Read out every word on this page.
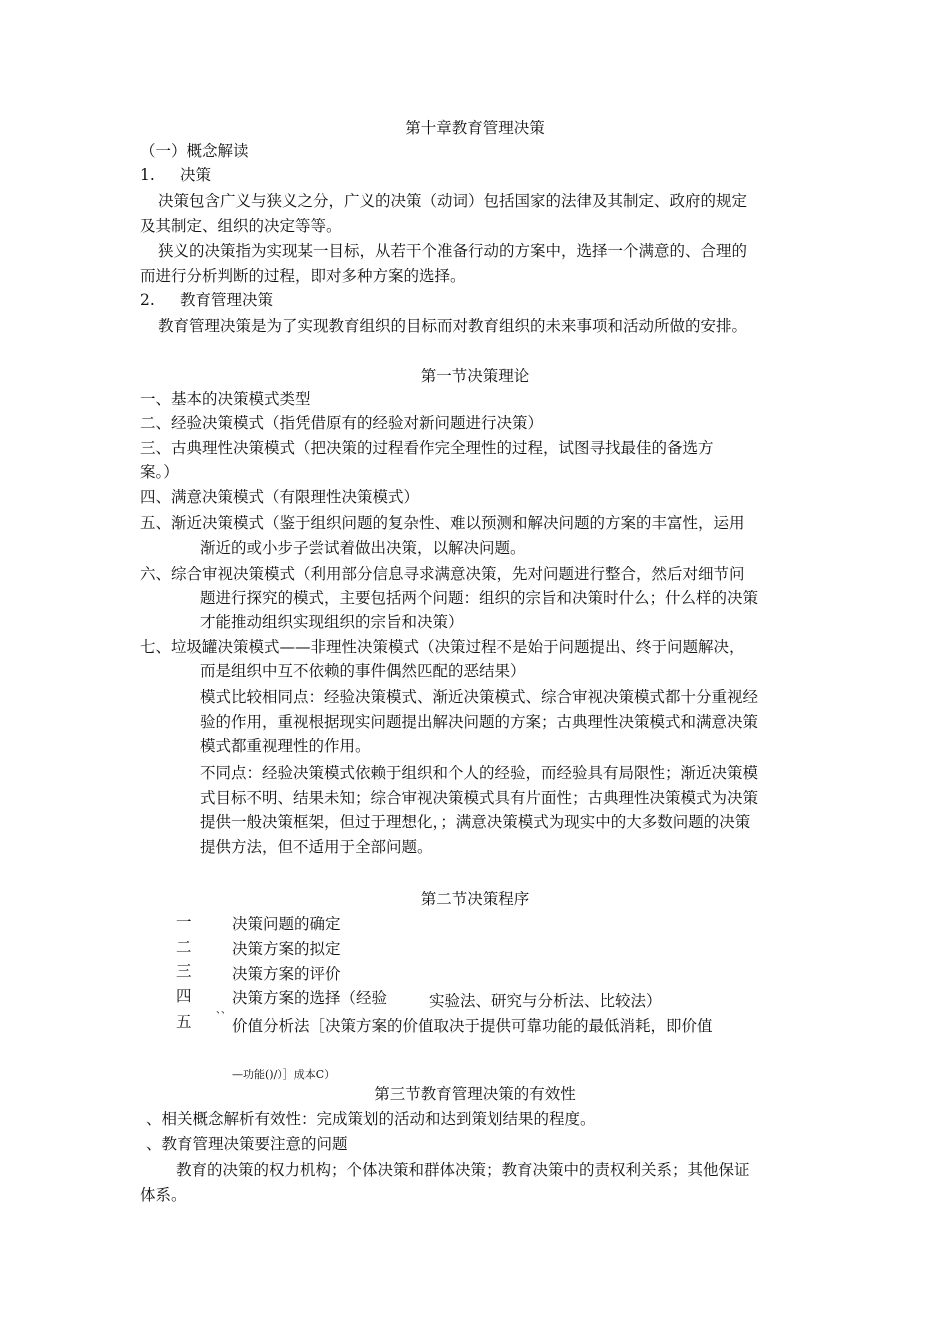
第十章教育管理决策
（一）概念解读
1. 决策
决策包含广义与狭义之分，广义的决策（动词）包括国家的法律及其制定、政府的规定
及其制定、组织的决定等等。
狭义的决策指为实现某一目标，从若干个准备行动的方案中，选择一个满意的、合理的
而进行分析判断的过程，即对多种方案的选择。
2. 教育管理决策
教育管理决策是为了实现教育组织的目标而对教育组织的未来事项和活动所做的安排。
第一节决策理论
一、基本的决策模式类型
二、经验决策模式（指凭借原有的经验对新问题进行决策）
三、古典理性决策模式（把决策的过程看作完全理性的过程，试图寻找最佳的备选方
案。）
四、满意决策模式（有限理性决策模式）
五、渐近决策模式（鉴于组织问题的复杂性、难以预测和解决问题的方案的丰富性，运用
渐近的或小步子尝试着做出决策，以解决问题。
六、综合审视决策模式（利用部分信息寻求满意决策，先对问题进行整合，然后对细节问
题进行探究的模式，主要包括两个问题：组织的宗旨和决策时什么；什么样的决策
才能推动组织实现组织的宗旨和决策）
七、垃圾罐决策模式——非理性决策模式（决策过程不是始于问题提出、终于问题解决，
而是组织中互不依赖的事件偶然匹配的恶结果）
模式比较相同点：经验决策模式、渐近决策模式、综合审视决策模式都十分重视经
验的作用，重视根据现实问题提出解决问题的方案；古典理性决策模式和满意决策
模式都重视理性的作用。
不同点：经验决策模式依赖于组织和个人的经验，而经验具有局限性；渐近决策模
式目标不明、结果未知；综合审视决策模式具有片面性；古典理性决策模式为决策
提供一般决策框架，但过于理想化，；满意决策模式为现实中的大多数问题的决策
提供方法，但不适用于全部问题。
第二节决策程序
一	决策问题的确定
二	决策方案的拟定
三	决策方案的评价
四	决策方案的选择（经验
、、
实验法、研究与分析法、比较法）
五	价值分析法［决策方案的价值取决于提供可靠功能的最低消耗，即价值
—功能()/）］成本C）
第三节教育管理决策的有效性
、相关概念解析有效性：完成策划的活动和达到策划结果的程度。
、教育管理决策要注意的问题
教育的决策的权力机构；个体决策和群体决策；教育决策中的责权利关系；其他保证
体系。
